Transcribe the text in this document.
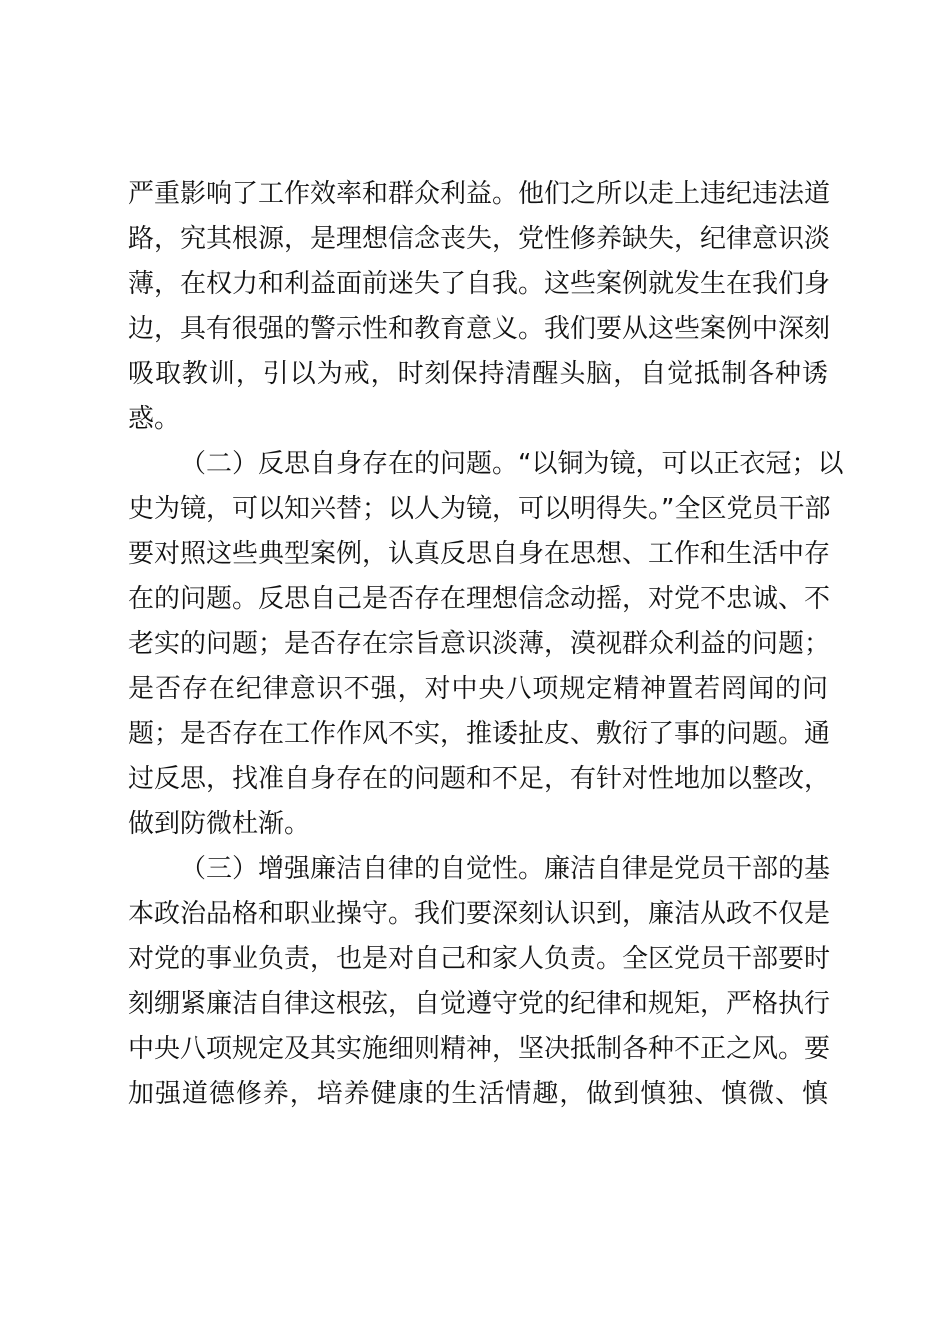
严重影响了工作效率和群众利益。他们之所以走上违纪违法道
路，究其根源，是理想信念丧失，党性修养缺失，纪律意识淡
薄，在权力和利益面前迷失了自我。这些案例就发生在我们身
边，具有很强的警示性和教育意义。我们要从这些案例中深刻
吸取教训，引以为戒，时刻保持清醒头脑，自觉抵制各种诱
惑。
（二）反思自身存在的问题。“以铜为镜，可以正衣冠；以
史为镜，可以知兴替；以人为镜，可以明得失。”全区党员干部
要对照这些典型案例，认真反思自身在思想、工作和生活中存
在的问题。反思自己是否存在理想信念动摇，对党不忠诚、不
老实的问题；是否存在宗旨意识淡薄，漠视群众利益的问题；
是否存在纪律意识不强，对中央八项规定精神置若罔闻的问
题；是否存在工作作风不实，推诿扯皮、敷衍了事的问题。通
过反思，找准自身存在的问题和不足，有针对性地加以整改，
做到防微杜渐。
（三）增强廉洁自律的自觉性。廉洁自律是党员干部的基
本政治品格和职业操守。我们要深刻认识到，廉洁从政不仅是
对党的事业负责，也是对自己和家人负责。全区党员干部要时
刻绷紧廉洁自律这根弦，自觉遵守党的纪律和规矩，严格执行
中央八项规定及其实施细则精神，坚决抵制各种不正之风。要
加强道德修养，培养健康的生活情趣，做到慎独、慎微、慎
